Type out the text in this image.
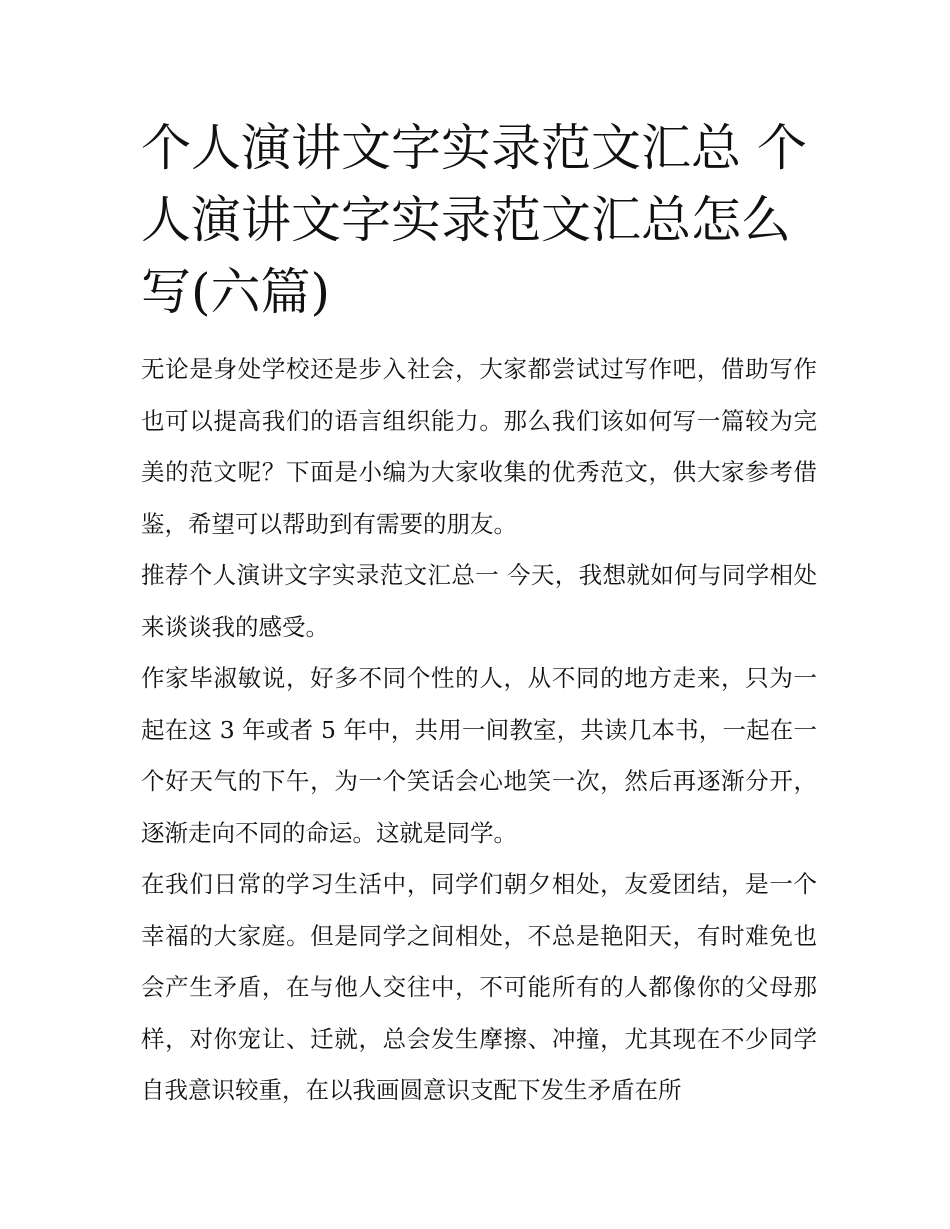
个人演讲文字实录范文汇总 个人演讲文字实录范文汇总怎么写(六篇)

无论是身处学校还是步入社会，大家都尝试过写作吧，借助写作也可以提高我们的语言组织能力。那么我们该如何写一篇较为完美的范文呢？下面是小编为大家收集的优秀范文，供大家参考借鉴，希望可以帮助到有需要的朋友。

推荐个人演讲文字实录范文汇总一 今天，我想就如何与同学相处来谈谈我的感受。

作家毕淑敏说，好多不同个性的人，从不同的地方走来，只为一起在这 3 年或者 5 年中，共用一间教室，共读几本书，一起在一个好天气的下午，为一个笑话会心地笑一次，然后再逐渐分开，逐渐走向不同的命运。这就是同学。

在我们日常的学习生活中，同学们朝夕相处，友爱团结，是一个幸福的大家庭。但是同学之间相处，不总是艳阳天，有时难免也会产生矛盾，在与他人交往中，不可能所有的人都像你的父母那样，对你宠让、迁就，总会发生摩擦、冲撞，尤其现在不少同学自我意识较重，在以我画圆意识支配下发生矛盾在所
